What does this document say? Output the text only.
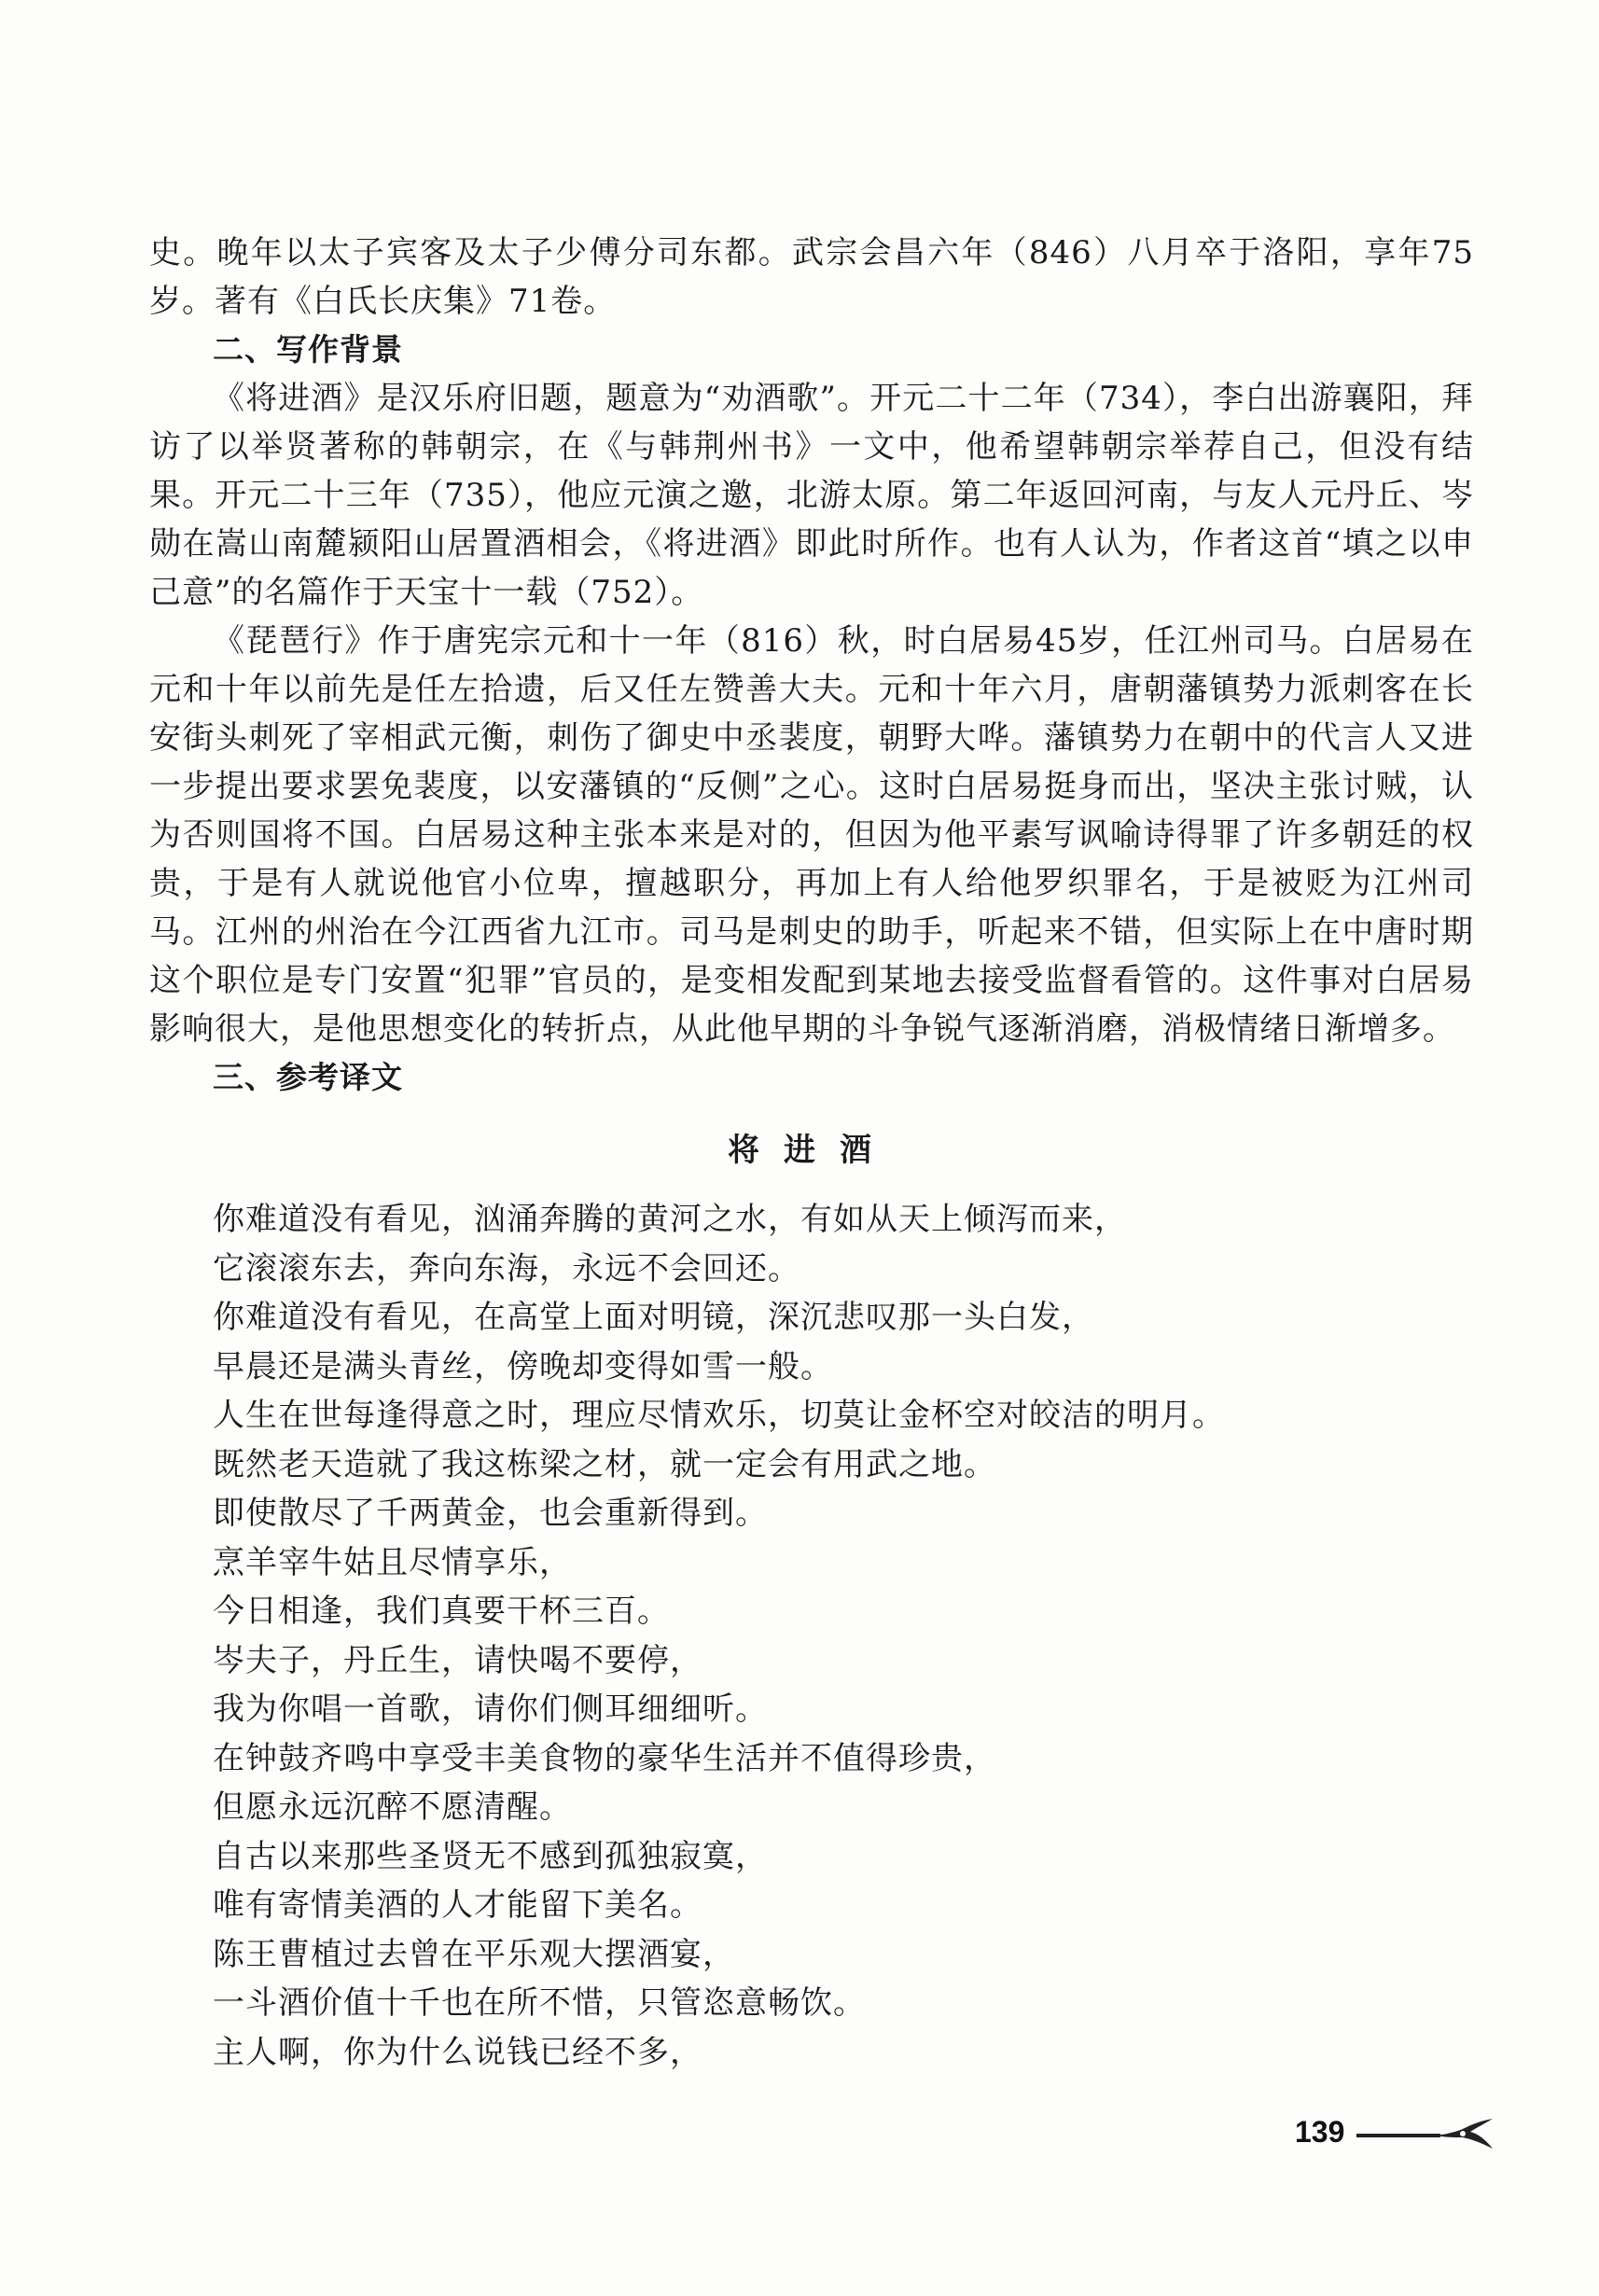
史。晚年以太子宾客及太子少傅分司东都。武宗会昌六年（846）八月卒于洛阳，享年75岁。著有《白氏长庆集》71卷。

二、写作背景

《将进酒》是汉乐府旧题，题意为“劝酒歌”。开元二十二年（734），李白出游襄阳，拜访了以举贤著称的韩朝宗，在《与韩荆州书》一文中，他希望韩朝宗举荐自己，但没有结果。开元二十三年（735），他应元演之邀，北游太原。第二年返回河南，与友人元丹丘、岑勋在嵩山南麓颍阳山居置酒相会，《将进酒》即此时所作。也有人认为，作者这首“填之以申己意”的名篇作于天宝十一载（752）。

《琵琶行》作于唐宪宗元和十一年（816）秋，时白居易45岁，任江州司马。白居易在元和十年以前先是任左拾遗，后又任左赞善大夫。元和十年六月，唐朝藩镇势力派刺客在长安街头刺死了宰相武元衡，刺伤了御史中丞裴度，朝野大哗。藩镇势力在朝中的代言人又进一步提出要求罢免裴度，以安藩镇的“反侧”之心。这时白居易挺身而出，坚决主张讨贼，认为否则国将不国。白居易这种主张本来是对的，但因为他平素写讽喻诗得罪了许多朝廷的权贵，于是有人就说他官小位卑，擅越职分，再加上有人给他罗织罪名，于是被贬为江州司马。江州的州治在今江西省九江市。司马是刺史的助手，听起来不错，但实际上在中唐时期这个职位是专门安置“犯罪”官员的，是变相发配到某地去接受监督看管的。这件事对白居易影响很大，是他思想变化的转折点，从此他早期的斗争锐气逐渐消磨，消极情绪日渐增多。

三、参考译文
将进酒
你难道没有看见，汹涌奔腾的黄河之水，有如从天上倾泻而来，
它滚滚东去，奔向东海，永远不会回还。
你难道没有看见，在高堂上面对明镜，深沉悲叹那一头白发，
早晨还是满头青丝，傍晚却变得如雪一般。
人生在世每逢得意之时，理应尽情欢乐，切莫让金杯空对皎洁的明月。
既然老天造就了我这栋梁之材，就一定会有用武之地。
即使散尽了千两黄金，也会重新得到。
烹羊宰牛姑且尽情享乐，
今日相逢，我们真要干杯三百。
岑夫子，丹丘生，请快喝不要停，
我为你唱一首歌，请你们侧耳细细听。
在钟鼓齐鸣中享受丰美食物的豪华生活并不值得珍贵，
但愿永远沉醉不愿清醒。
自古以来那些圣贤无不感到孤独寂寞，
唯有寄情美酒的人才能留下美名。
陈王曹植过去曾在平乐观大摆酒宴，
一斗酒价值十千也在所不惜，只管恣意畅饮。
主人啊，你为什么说钱已经不多，
139
